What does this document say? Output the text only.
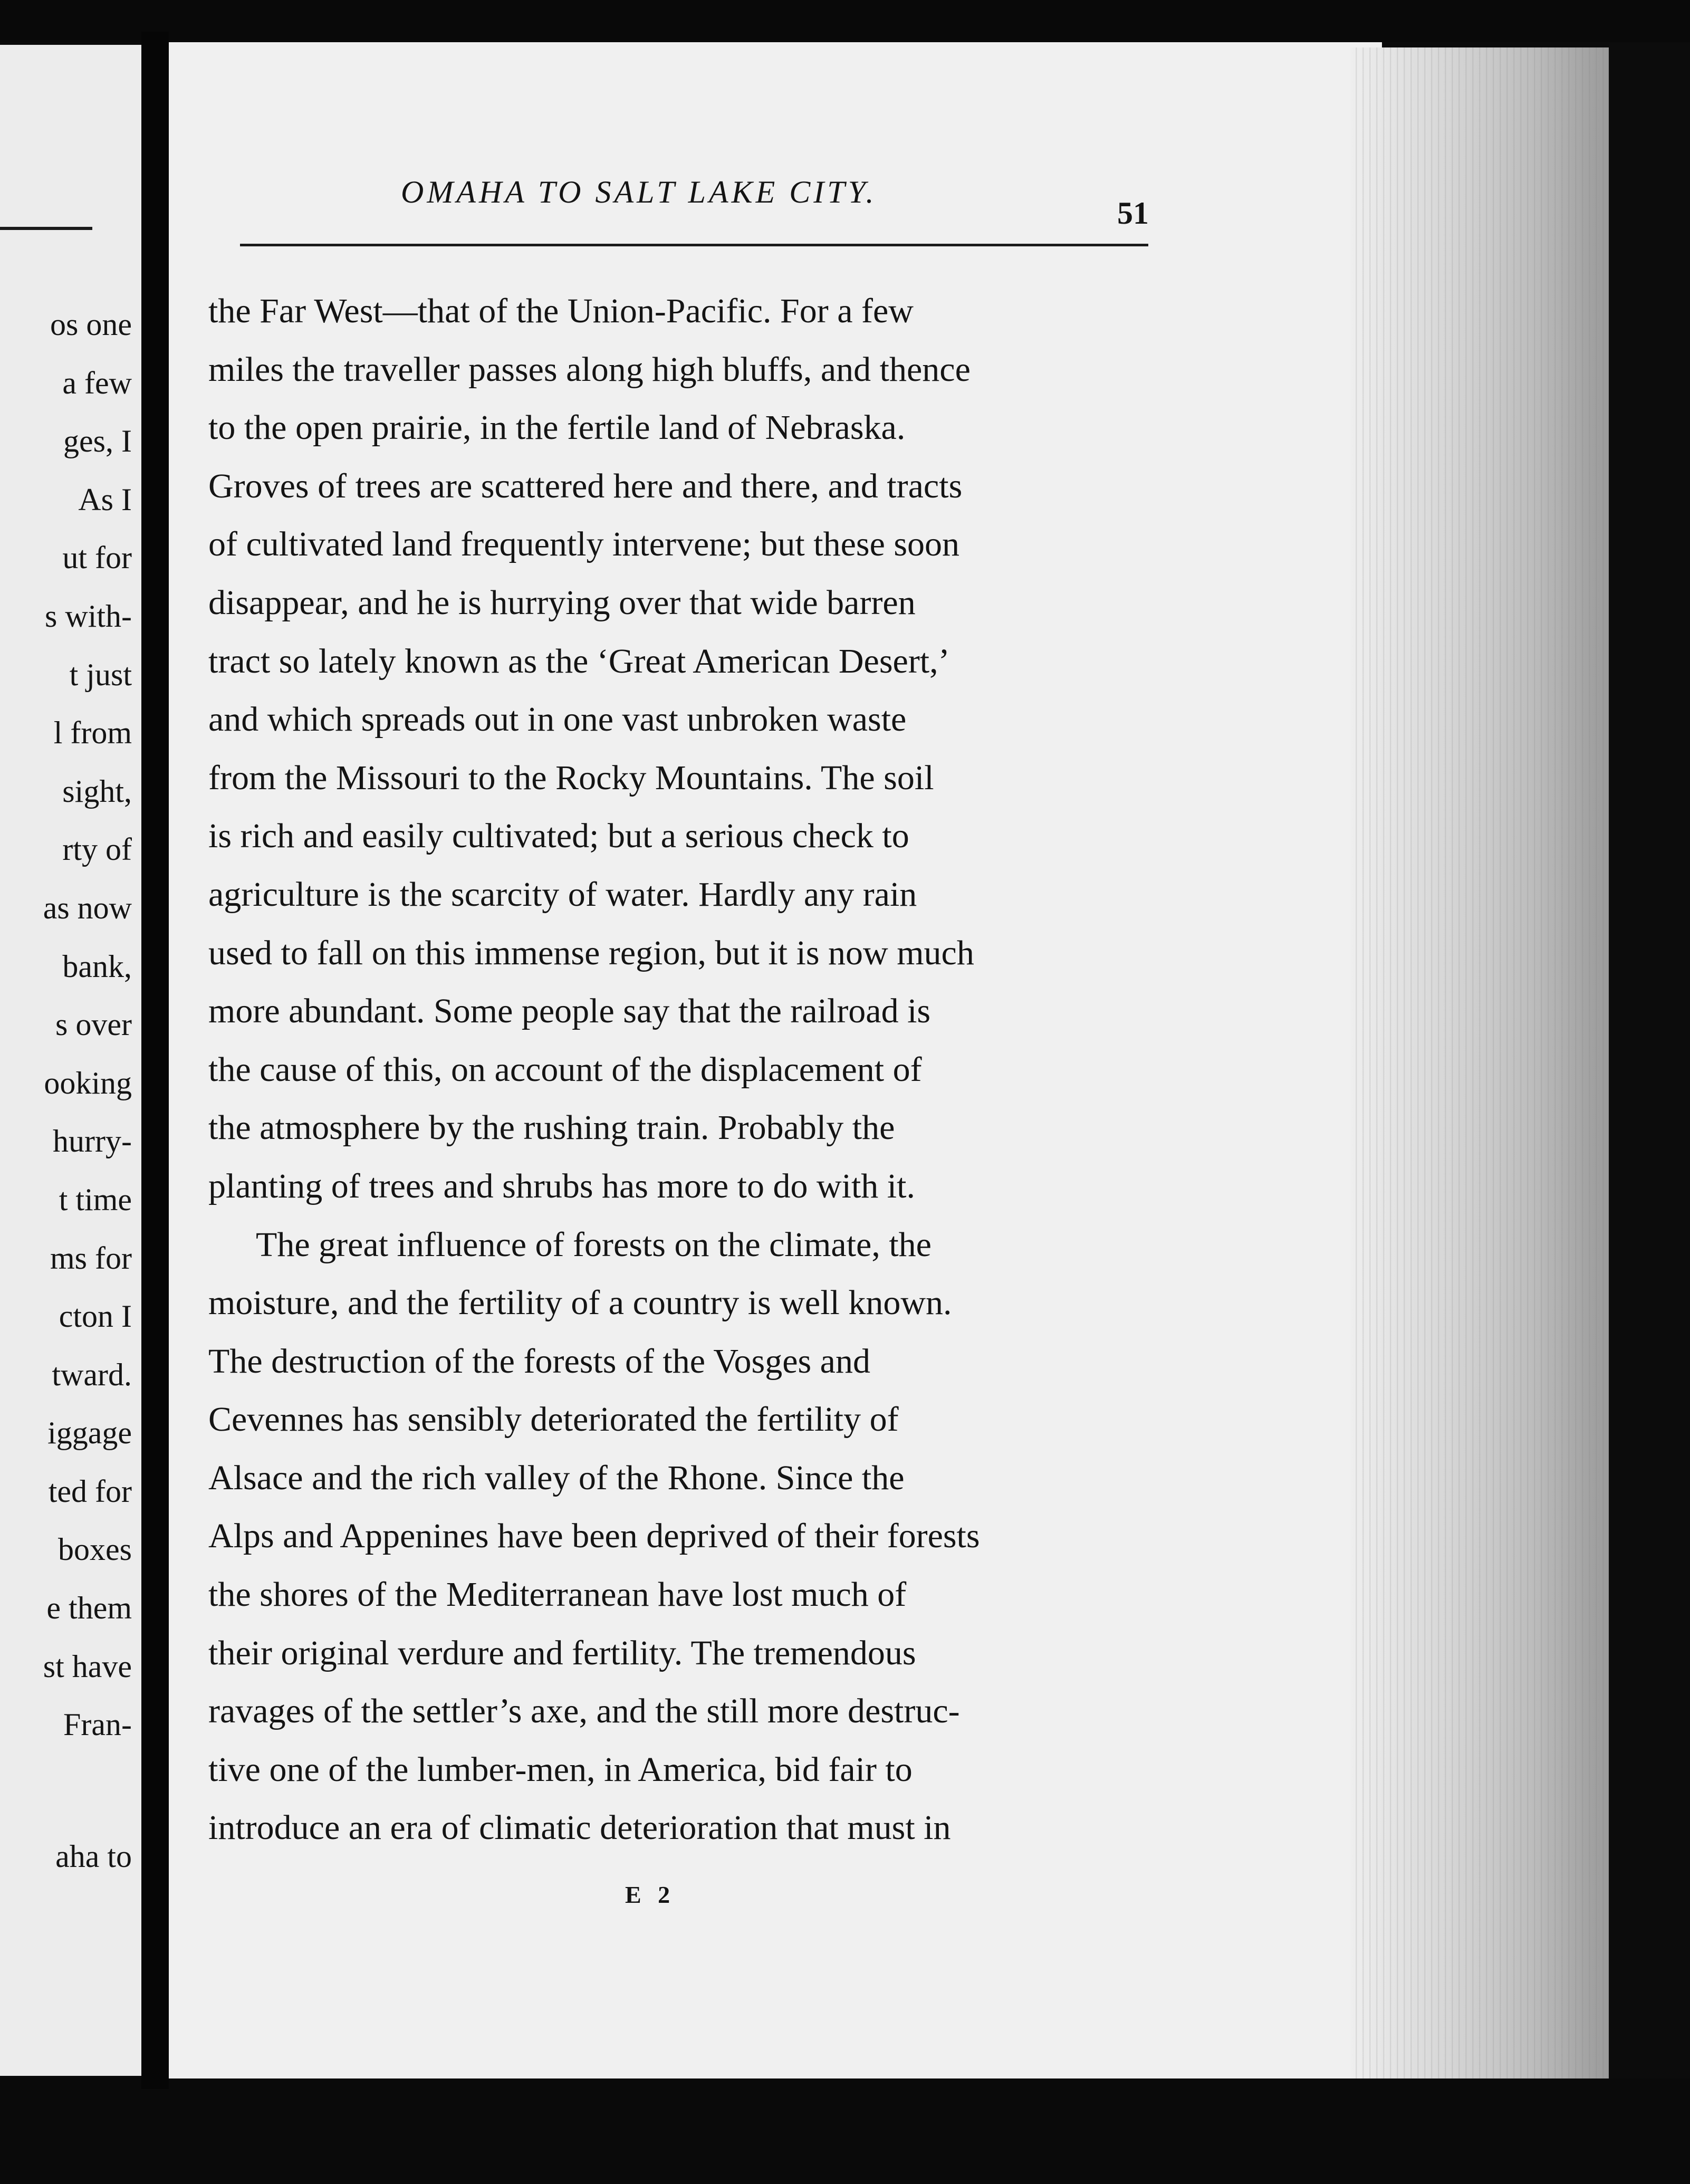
os one
a few
ges, I
As I
ut for
s with-
t just
l from
sight,
rty of
as now
bank,
s over
ooking
hurry-
t time
ms for
cton I
tward.
iggage
ted for
boxes
e them
st have
Fran-
aha to
OMAHA TO SALT LAKE CITY.
51
the Far West—that of the Union-Pacific. For a few
miles the traveller passes along high bluffs, and thence
to the open prairie, in the fertile land of Nebraska.
Groves of trees are scattered here and there, and tracts
of cultivated land frequently intervene; but these soon
disappear, and he is hurrying over that wide barren
tract so lately known as the ‘Great American Desert,’
and which spreads out in one vast unbroken waste
from the Missouri to the Rocky Mountains. The soil
is rich and easily cultivated; but a serious check to
agriculture is the scarcity of water. Hardly any rain
used to fall on this immense region, but it is now much
more abundant. Some people say that the railroad is
the cause of this, on account of the displacement of
the atmosphere by the rushing train. Probably the
planting of trees and shrubs has more to do with it.
The great influence of forests on the climate, the
moisture, and the fertility of a country is well known.
The destruction of the forests of the Vosges and
Cevennes has sensibly deteriorated the fertility of
Alsace and the rich valley of the Rhone. Since the
Alps and Appenines have been deprived of their forests
the shores of the Mediterranean have lost much of
their original verdure and fertility. The tremendous
ravages of the settler’s axe, and the still more destruc-
tive one of the lumber-men, in America, bid fair to
introduce an era of climatic deterioration that must in
E 2
